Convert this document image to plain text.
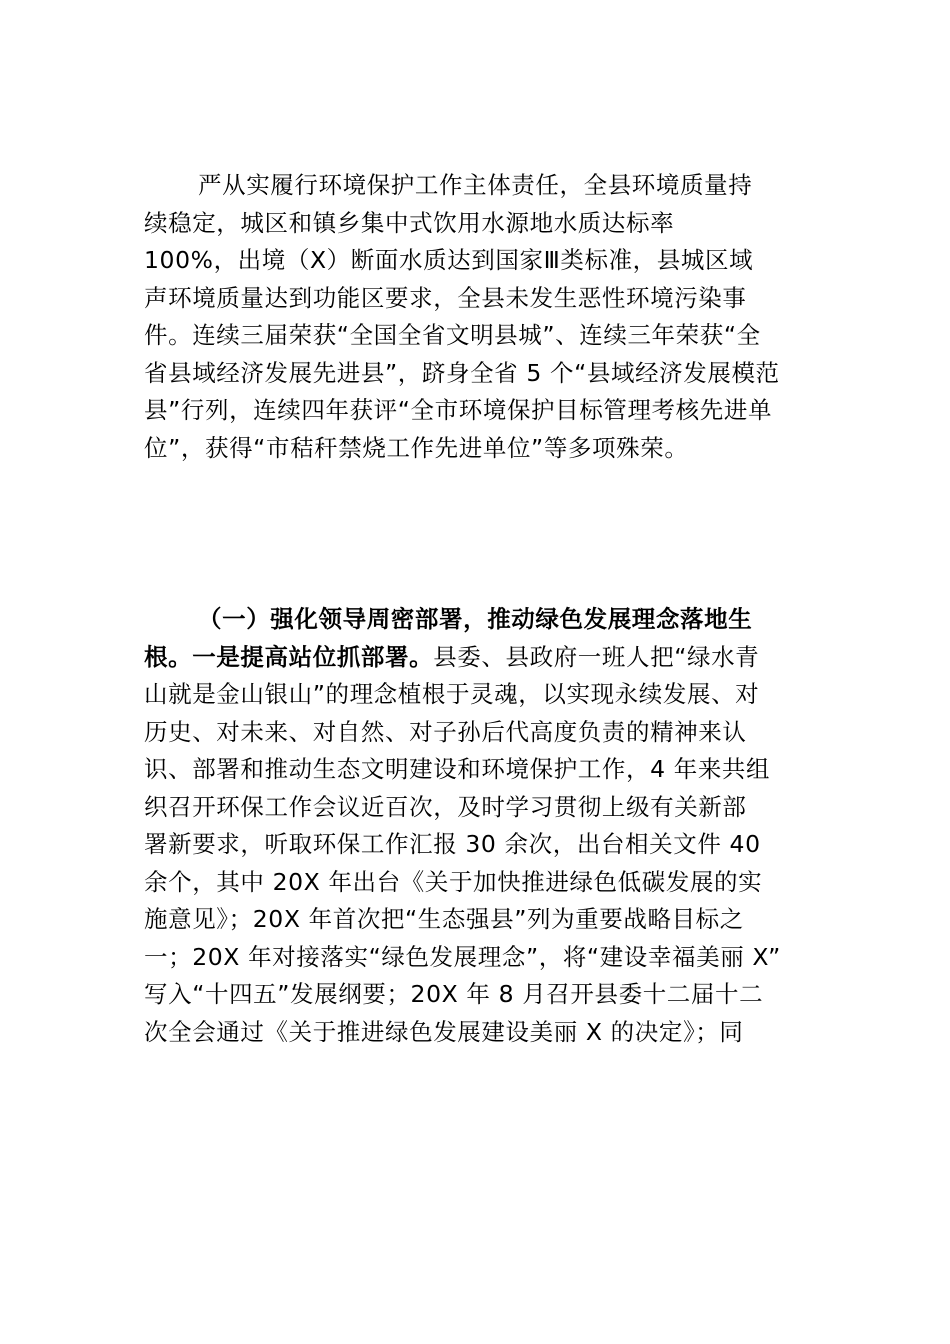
严从实履行环境保护工作主体责任，全县环境质量持
续稳定，城区和镇乡集中式饮用水源地水质达标率
100%，出境（X）断面水质达到国家Ⅲ类标准，县城区域
声环境质量达到功能区要求，全县未发生恶性环境污染事
件。连续三届荣获“全国全省文明县城”、连续三年荣获“全
省县域经济发展先进县”，跻身全省 5 个“县域经济发展模范
县”行列，连续四年获评“全市环境保护目标管理考核先进单
位”，获得“市秸秆禁烧工作先进单位”等多项殊荣。
（一）强化领导周密部署，推动绿色发展理念落地生
根。一是提高站位抓部署。县委、县政府一班人把“绿水青
山就是金山银山”的理念植根于灵魂，以实现永续发展、对
历史、对未来、对自然、对子孙后代高度负责的精神来认
识、部署和推动生态文明建设和环境保护工作，4 年来共组
织召开环保工作会议近百次，及时学习贯彻上级有关新部
署新要求，听取环保工作汇报 30 余次，出台相关文件 40
余个，其中 20X 年出台《关于加快推进绿色低碳发展的实
施意见》；20X 年首次把“生态强县”列为重要战略目标之
一；20X 年对接落实“绿色发展理念”，将“建设幸福美丽 X”
写入“十四五”发展纲要；20X 年 8 月召开县委十二届十二
次全会通过《关于推进绿色发展建设美丽 X 的决定》；同
